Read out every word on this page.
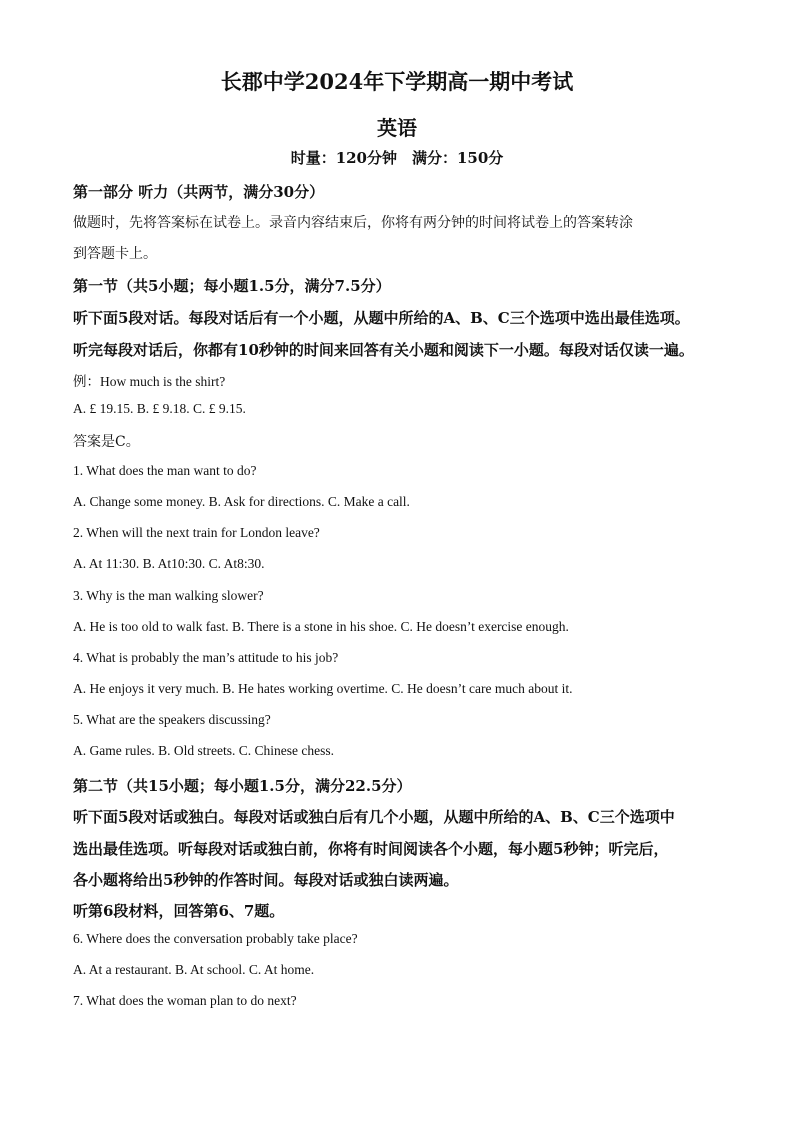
长郡中学2024年下学期高一期中考试
英语
时量：120分钟　满分：150分
第一部分 听力（共两节，满分30分）
做题时，先将答案标在试卷上。录音内容结束后，你将有两分钟的时间将试卷上的答案转涂
到答题卡上。
第一节（共5小题；每小题1.5分，满分7.5分）
听下面5段对话。每段对话后有一个小题，从题中所给的A、B、C三个选项中选出最佳选项。
听完每段对话后，你都有10秒钟的时间来回答有关小题和阅读下一小题。每段对话仅读一遍。
例：How much is the shirt?
A. £ 19.15. B. £ 9.18. C. £ 9.15.
答案是C。
1. What does the man want to do?
A. Change some money. B. Ask for directions. C. Make a call.
2. When will the next train for London leave?
A. At 11:30. B. At10:30. C. At8:30.
3. Why is the man walking slower?
A. He is too old to walk fast. B. There is a stone in his shoe. C. He doesn’t exercise enough.
4. What is probably the man’s attitude to his job?
A. He enjoys it very much. B. He hates working overtime. C. He doesn’t care much about it.
5. What are the speakers discussing?
A. Game rules. B. Old streets. C. Chinese chess.
第二节（共15小题；每小题1.5分，满分22.5分）
听下面5段对话或独白。每段对话或独白后有几个小题，从题中所给的A、B、C三个选项中
选出最佳选项。听每段对话或独白前，你将有时间阅读各个小题，每小题5秒钟；听完后，
各小题将给出5秒钟的作答时间。每段对话或独白读两遍。
听第6段材料，回答第6、7题。
6. Where does the conversation probably take place?
A. At a restaurant. B. At school. C. At home.
7. What does the woman plan to do next?
